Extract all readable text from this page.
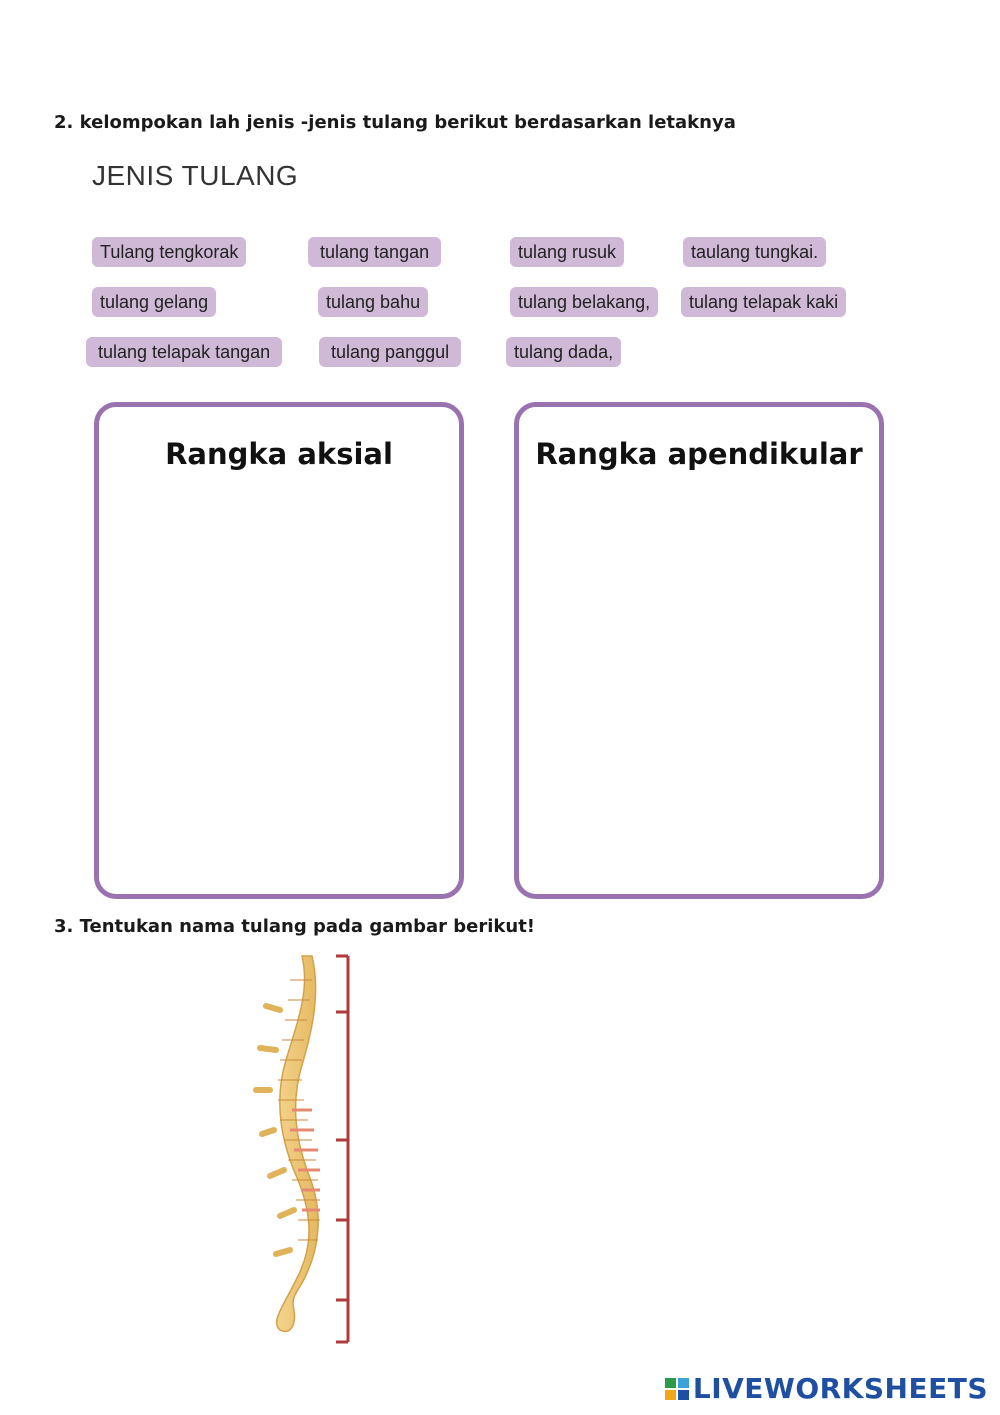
2. kelompokan lah jenis -jenis tulang berikut berdasarkan letaknya
JENIS TULANG
Tulang tengkorak	tulang tangan	tulang rusuk	taulang tungkai.
tulang gelang	tulang bahu	tulang belakang,	tulang telapak kaki
tulang telapak tangan	tulang panggul	tulang dada,
Rangka aksial	Rangka apendikular
3. Tentukan nama tulang pada gambar berikut!
LIVEWORKSHEETS
